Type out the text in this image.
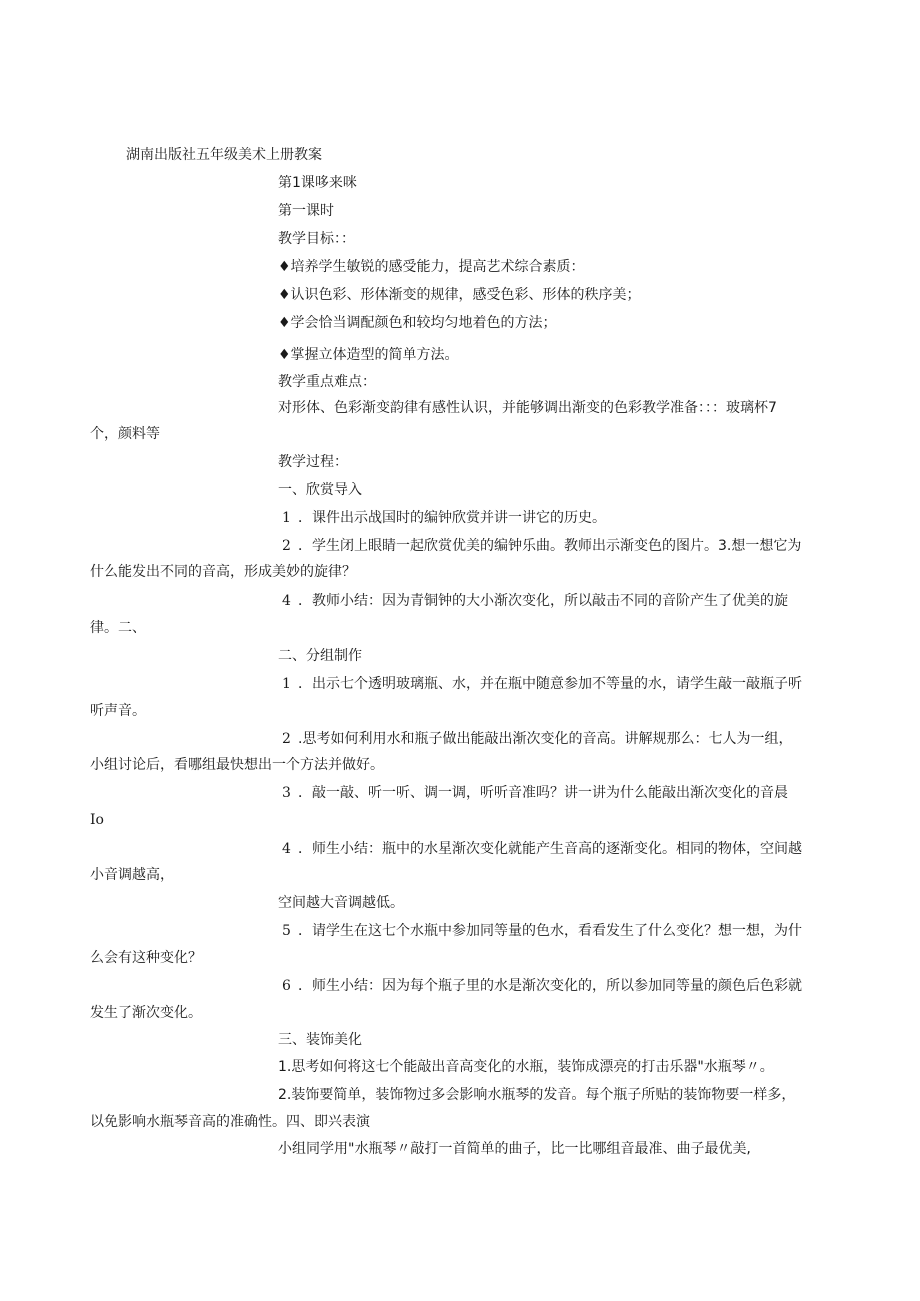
湖南出版社五年级美术上册教案
第1课哆来咪
第一课时
教学目标：：
♦培养学生敏锐的感受能力，提高艺术综合素质：
♦认识色彩、形体渐变的规律，感受色彩、形体的秩序美；
♦学会恰当调配颜色和较均匀地着色的方法；
♦掌握立体造型的简单方法。
教学重点难点：
对形体、色彩渐变韵律有感性认识，并能够调出渐变的色彩教学准备：：：玻璃杯7
个，颜料等
教学过程：
一、欣赏导入
1 ．课件出示战国时的编钟欣赏并讲一讲它的历史。
2 ．学生闭上眼睛一起欣赏优美的编钟乐曲。教师出示渐变色的图片。3.想一想它为
什么能发出不同的音高，形成美妙的旋律？
4 ．教师小结：因为青铜钟的大小渐次变化，所以敲击不同的音阶产生了优美的旋
律。二、
二、分组制作
1 ．出示七个透明玻璃瓶、水，并在瓶中随意参加不等量的水，请学生敲一敲瓶子听
听声音。
2 .思考如何利用水和瓶子做出能敲出渐次变化的音高。讲解规那么：七人为一组，
小组讨论后，看哪组最快想出一个方法并做好。
3 ．敲一敲、听一听、调一调，听听音准吗？讲一讲为什么能敲出渐次变化的音晨
Io
4 ．师生小结：瓶中的水星渐次变化就能产生音高的逐渐变化。相同的物体，空间越
小音调越高，
空间越大音调越低。
5 ．请学生在这七个水瓶中参加同等量的色水，看看发生了什么变化？想一想，为什
么会有这种变化？
6 ．师生小结：因为每个瓶子里的水是渐次变化的，所以参加同等量的颜色后色彩就
发生了渐次变化。
三、装饰美化
1.思考如何将这七个能敲出音高变化的水瓶，装饰成漂亮的打击乐器"水瓶琴〃。
2.装饰要简单，装饰物过多会影响水瓶琴的发音。每个瓶子所贴的装饰物要一样多，
以免影响水瓶琴音高的准确性。四、即兴表演
小组同学用"水瓶琴〃敲打一首简单的曲子，比一比哪组音最准、曲子最优美,
